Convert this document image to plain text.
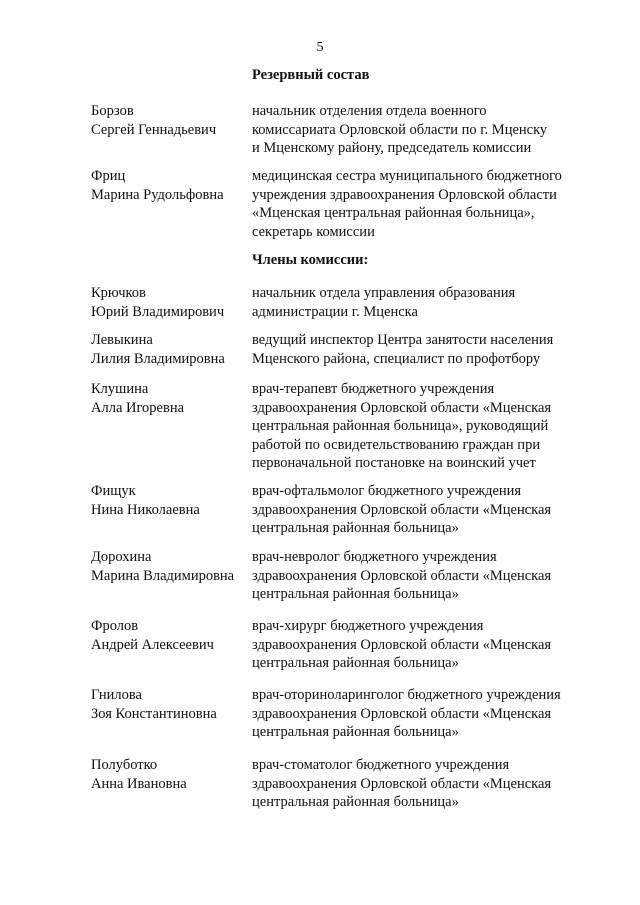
5
Резервный состав
Борзов
Сергей Геннадьевич
начальник отделения отдела военного
комиссариата Орловской области по г. Мценску
и Мценскому району, председатель комиссии
Фриц
Марина Рудольфовна
медицинская сестра муниципального бюджетного
учреждения здравоохранения Орловской области
«Мценская центральная районная больница»,
секретарь комиссии
Члены комиссии:
Крючков
Юрий Владимирович
начальник отдела управления образования
администрации г. Мценска
Левыкина
Лилия Владимировна
ведущий инспектор Центра занятости населения
Мценского района, специалист по профотбору
Клушина
Алла Игоревна
врач-терапевт бюджетного учреждения
здравоохранения Орловской области «Мценская
центральная районная больница», руководящий
работой по освидетельствованию граждан при
первоначальной постановке на воинский учет
Фищук
Нина Николаевна
врач-офтальмолог бюджетного учреждения
здравоохранения Орловской области «Мценская
центральная районная больница»
Дорохина
Марина Владимировна
врач-невролог бюджетного учреждения
здравоохранения Орловской области «Мценская
центральная районная больница»
Фролов
Андрей Алексеевич
врач-хирург бюджетного учреждения
здравоохранения Орловской области «Мценская
центральная районная больница»
Гнилова
Зоя Константиновна
врач-оториноларинголог бюджетного учреждения
здравоохранения Орловской области «Мценская
центральная районная больница»
Полуботко
Анна Ивановна
врач-стоматолог бюджетного учреждения
здравоохранения Орловской области «Мценская
центральная районная больница»
